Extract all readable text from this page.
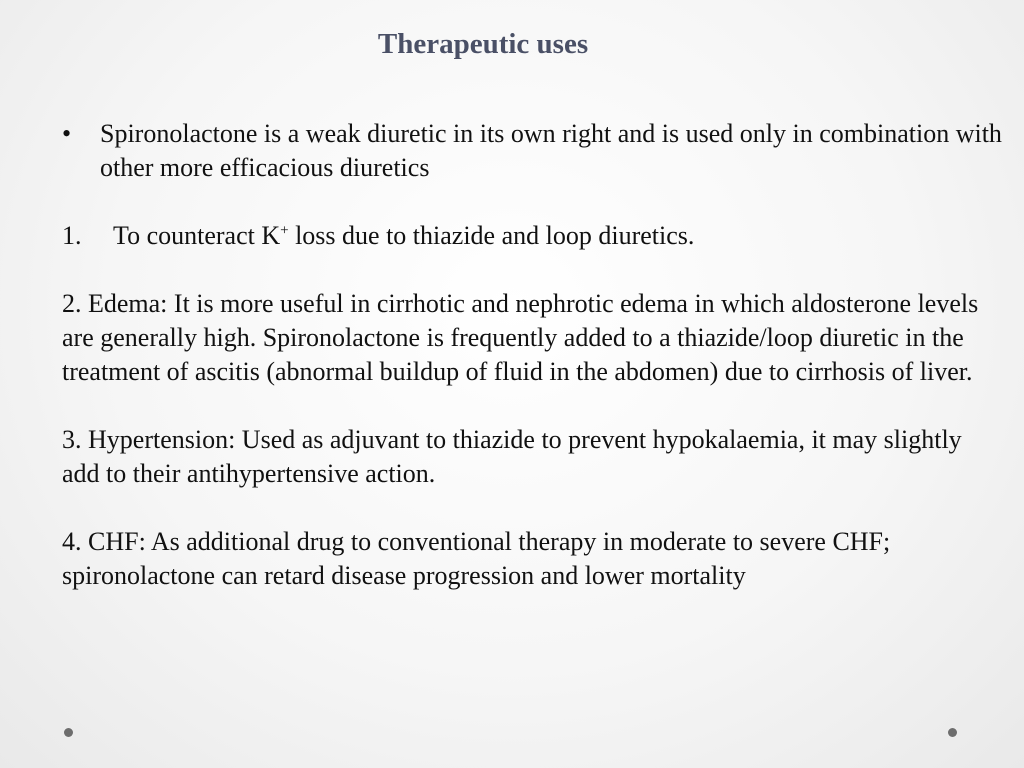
Therapeutic uses
•	Spironolactone is a weak diuretic in its own right and is used only in combination with other more efficacious diuretics
1.	To counteract K+ loss due to thiazide and loop diuretics.
2. Edema: It is more useful in cirrhotic and nephrotic edema in which aldosterone levels are generally high. Spironolactone is frequently added to a thiazide/loop diuretic in the treatment of ascitis (abnormal buildup of fluid in the abdomen) due to cirrhosis of liver.
3. Hypertension: Used as adjuvant to thiazide to prevent hypokalaemia, it may slightly add to their antihypertensive action.
4. CHF: As additional drug to conventional therapy in moderate to severe CHF; spironolactone can retard disease progression and lower mortality
